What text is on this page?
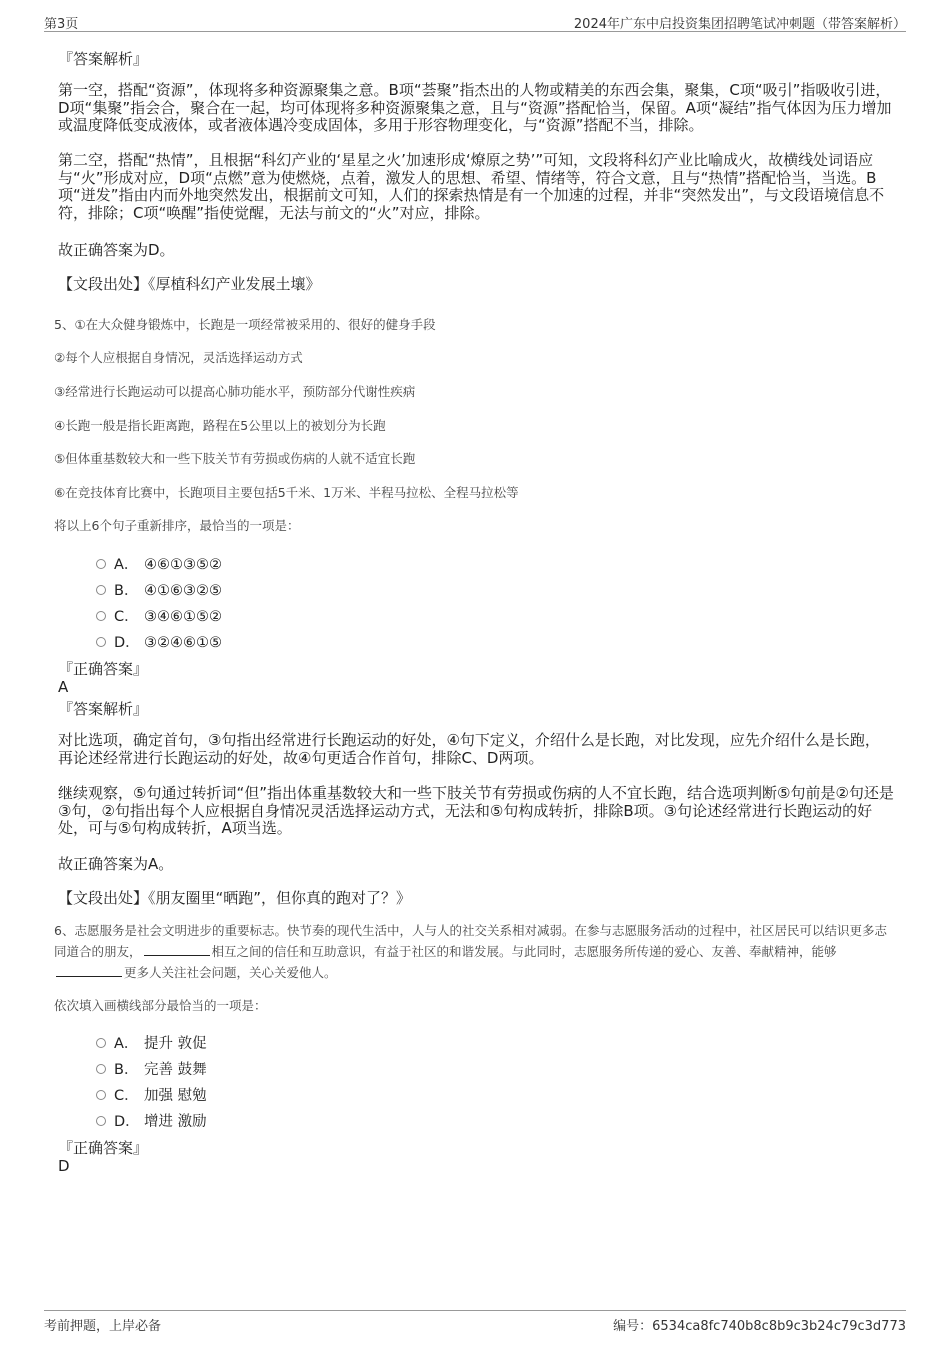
第3页	2024年广东中启投资集团招聘笔试冲刺题（带答案解析）
『答案解析』
第一空，搭配“资源”，体现将多种资源聚集之意。B项“荟聚”指杰出的人物或精美的东西会集，聚集，C项“吸引”指吸收引进，D项“集聚”指会合，聚合在一起，均可体现将多种资源聚集之意，且与“资源”搭配恰当，保留。A项“凝结”指气体因为压力增加或温度降低变成液体，或者液体遇冷变成固体，多用于形容物理变化，与“资源”搭配不当，排除。
第二空，搭配“热情”，且根据“科幻产业的‘星星之火’加速形成‘燎原之势’”可知，文段将科幻产业比喻成火，故横线处词语应与“火”形成对应，D项“点燃”意为使燃烧，点着，激发人的思想、希望、情绪等，符合文意，且与“热情”搭配恰当，当选。B项“迸发”指由内而外地突然发出，根据前文可知，人们的探索热情是有一个加速的过程，并非“突然发出”，与文段语境信息不符，排除；C项“唤醒”指使觉醒，无法与前文的“火”对应，排除。
故正确答案为D。
【文段出处】《厚植科幻产业发展土壤》
5、①在大众健身锻炼中，长跑是一项经常被采用的、很好的健身手段
②每个人应根据自身情况，灵活选择运动方式
③经常进行长跑运动可以提高心肺功能水平，预防部分代谢性疾病
④长跑一般是指长距离跑，路程在5公里以上的被划分为长跑
⑤但体重基数较大和一些下肢关节有劳损或伤病的人就不适宜长跑
⑥在竞技体育比赛中，长跑项目主要包括5千米、1万米、半程马拉松、全程马拉松等
将以上6个句子重新排序，最恰当的一项是：
A． ④⑥①③⑤②
B． ④①⑥③②⑤
C． ③④⑥①⑤②
D． ③②④⑥①⑤
『正确答案』
A
『答案解析』
对比选项，确定首句，③句指出经常进行长跑运动的好处，④句下定义，介绍什么是长跑，对比发现，应先介绍什么是长跑，再论述经常进行长跑运动的好处，故④句更适合作首句，排除C、D两项。
继续观察，⑤句通过转折词“但”指出体重基数较大和一些下肢关节有劳损或伤病的人不宜长跑，结合选项判断⑤句前是②句还是③句，②句指出每个人应根据自身情况灵活选择运动方式，无法和⑤句构成转折，排除B项。③句论述经常进行长跑运动的好处，可与⑤句构成转折，A项当选。
故正确答案为A。
【文段出处】《朋友圈里“晒跑”，但你真的跑对了？》
6、志愿服务是社会文明进步的重要标志。快节奏的现代生活中，人与人的社交关系相对减弱。在参与志愿服务活动的过程中，社区居民可以结识更多志同道合的朋友，	相互之间的信任和互助意识，有益于社区的和谐发展。与此同时，志愿服务所传递的爱心、友善、奉献精神，能够更多人关注社会问题，关心关爱他人。
依次填入画横线部分最恰当的一项是：
A． 提升 敦促
B． 完善 鼓舞
C． 加强 慰勉
D． 增进 激励
『正确答案』
D
考前押题，上岸必备	编号：6534ca8fc740b8c8b9c3b24c79c3d773
